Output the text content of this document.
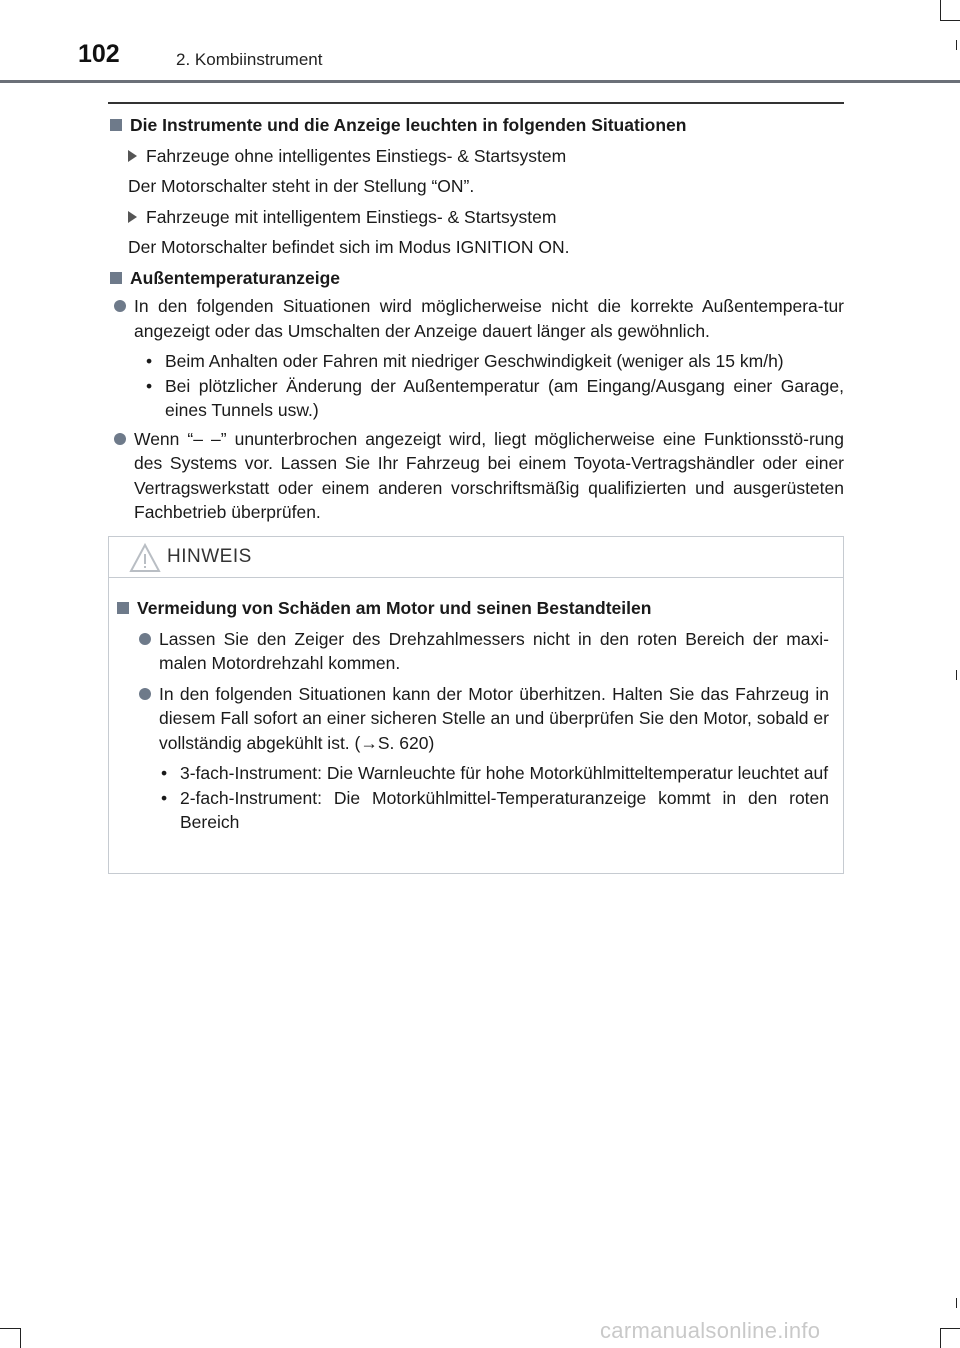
102	2. Kombiinstrument

Die Instrumente und die Anzeige leuchten in folgenden Situationen

Fahrzeuge ohne intelligentes Einstiegs- & Startsystem

Der Motorschalter steht in der Stellung “ON”.

Fahrzeuge mit intelligentem Einstiegs- & Startsystem

Der Motorschalter befindet sich im Modus IGNITION ON.

Außentemperaturanzeige

In den folgenden Situationen wird möglicherweise nicht die korrekte Außentempera-tur angezeigt oder das Umschalten der Anzeige dauert länger als gewöhnlich.
• Beim Anhalten oder Fahren mit niedriger Geschwindigkeit (weniger als 15 km/h)
• Bei plötzlicher Änderung der Außentemperatur (am Eingang/Ausgang einer Garage, eines Tunnels usw.)
Wenn “– –” ununterbrochen angezeigt wird, liegt möglicherweise eine Funktionsstö-rung des Systems vor. Lassen Sie Ihr Fahrzeug bei einem Toyota-Vertragshändler oder einer Vertragswerkstatt oder einem anderen vorschriftsmäßig qualifizierten und ausgerüsteten Fachbetrieb überprüfen.
HINWEIS

Vermeidung von Schäden am Motor und seinen Bestandteilen

Lassen Sie den Zeiger des Drehzahlmessers nicht in den roten Bereich der maxi-malen Motordrehzahl kommen.
In den folgenden Situationen kann der Motor überhitzen. Halten Sie das Fahrzeug in diesem Fall sofort an einer sicheren Stelle an und überprüfen Sie den Motor, sobald er vollständig abgekühlt ist. (→S. 620)
• 3-fach-Instrument: Die Warnleuchte für hohe Motorkühlmitteltemperatur leuchtet auf
• 2-fach-Instrument: Die Motorkühlmittel-Temperaturanzeige kommt in den roten Bereich
carmanualsonline.info
